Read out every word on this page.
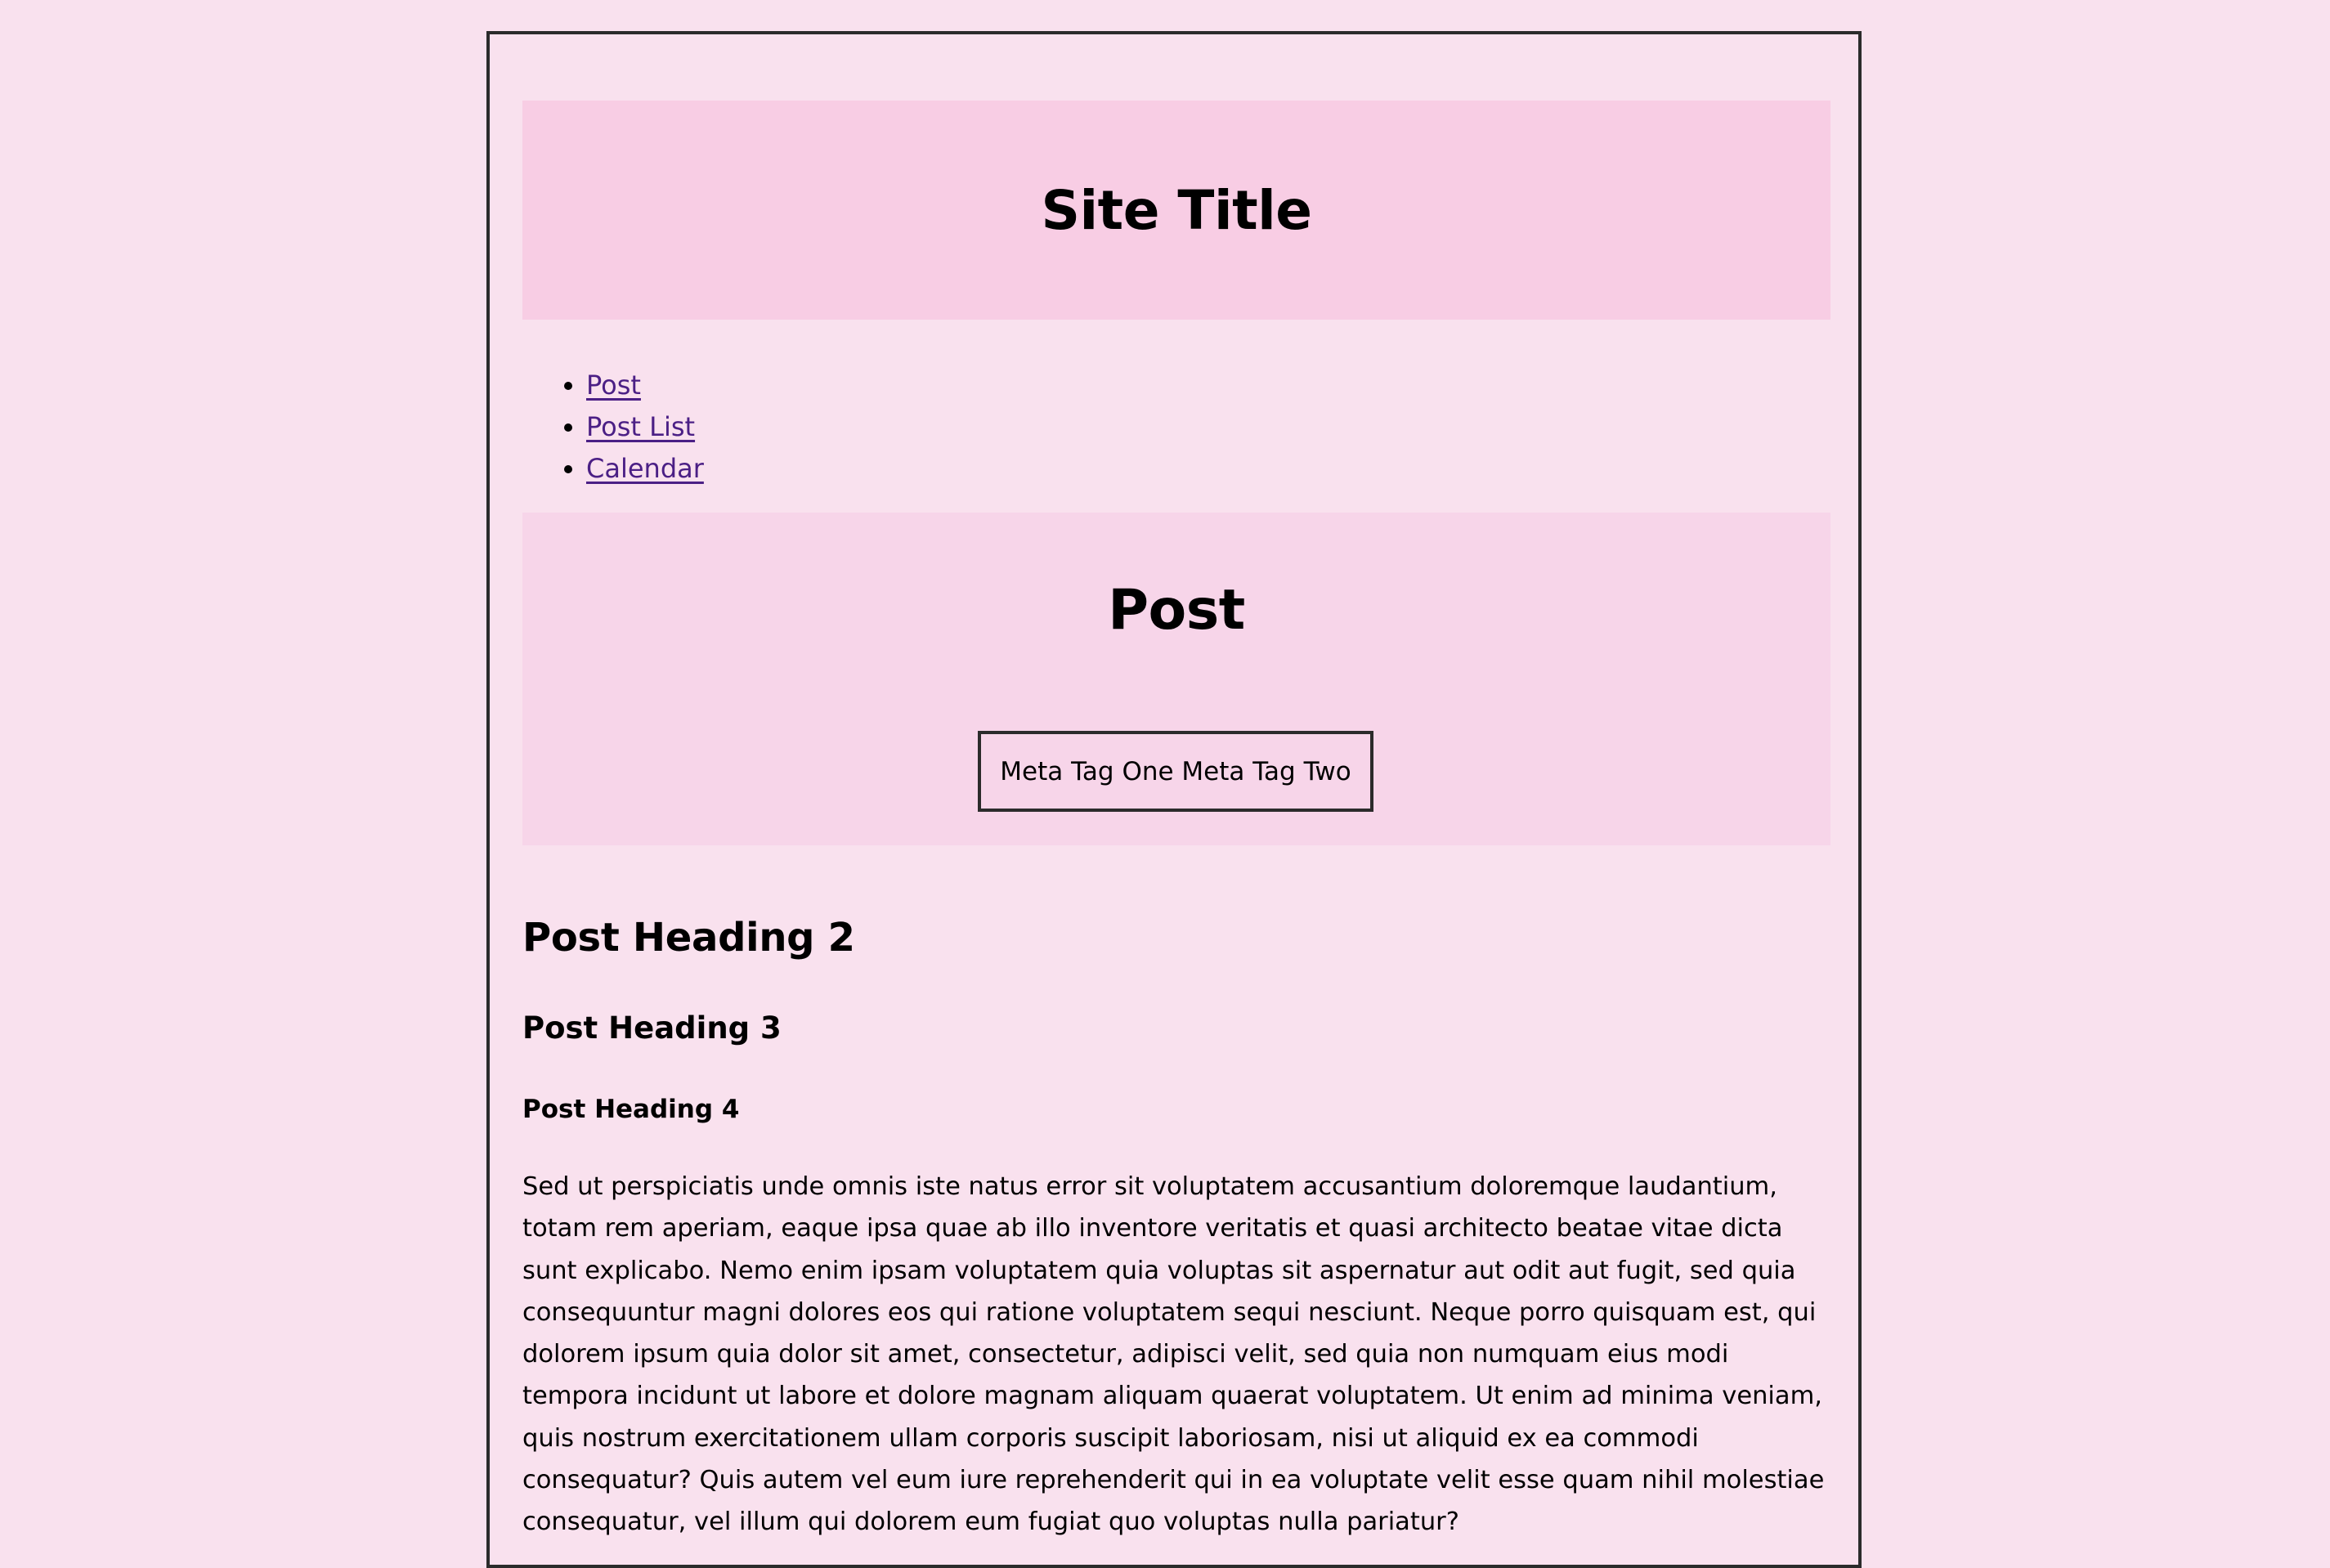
Site Title
• Post
• Post List
• Calendar
Post
Meta Tag One Meta Tag Two
Post Heading 2
Post Heading 3
Post Heading 4

Sed ut perspiciatis unde omnis iste natus error sit voluptatem accusantium doloremque laudantium, totam rem aperiam, eaque ipsa quae ab illo inventore veritatis et quasi architecto beatae vitae dicta sunt explicabo. Nemo enim ipsam voluptatem quia voluptas sit aspernatur aut odit aut fugit, sed quia consequuntur magni dolores eos qui ratione voluptatem sequi nesciunt. Neque porro quisquam est, qui dolorem ipsum quia dolor sit amet, consectetur, adipisci velit, sed quia non numquam eius modi tempora incidunt ut labore et dolore magnam aliquam quaerat voluptatem. Ut enim ad minima veniam, quis nostrum exercitationem ullam corporis suscipit laboriosam, nisi ut aliquid ex ea commodi consequatur? Quis autem vel eum iure reprehenderit qui in ea voluptate velit esse quam nihil molestiae consequatur, vel illum qui dolorem eum fugiat quo voluptas nulla pariatur?
